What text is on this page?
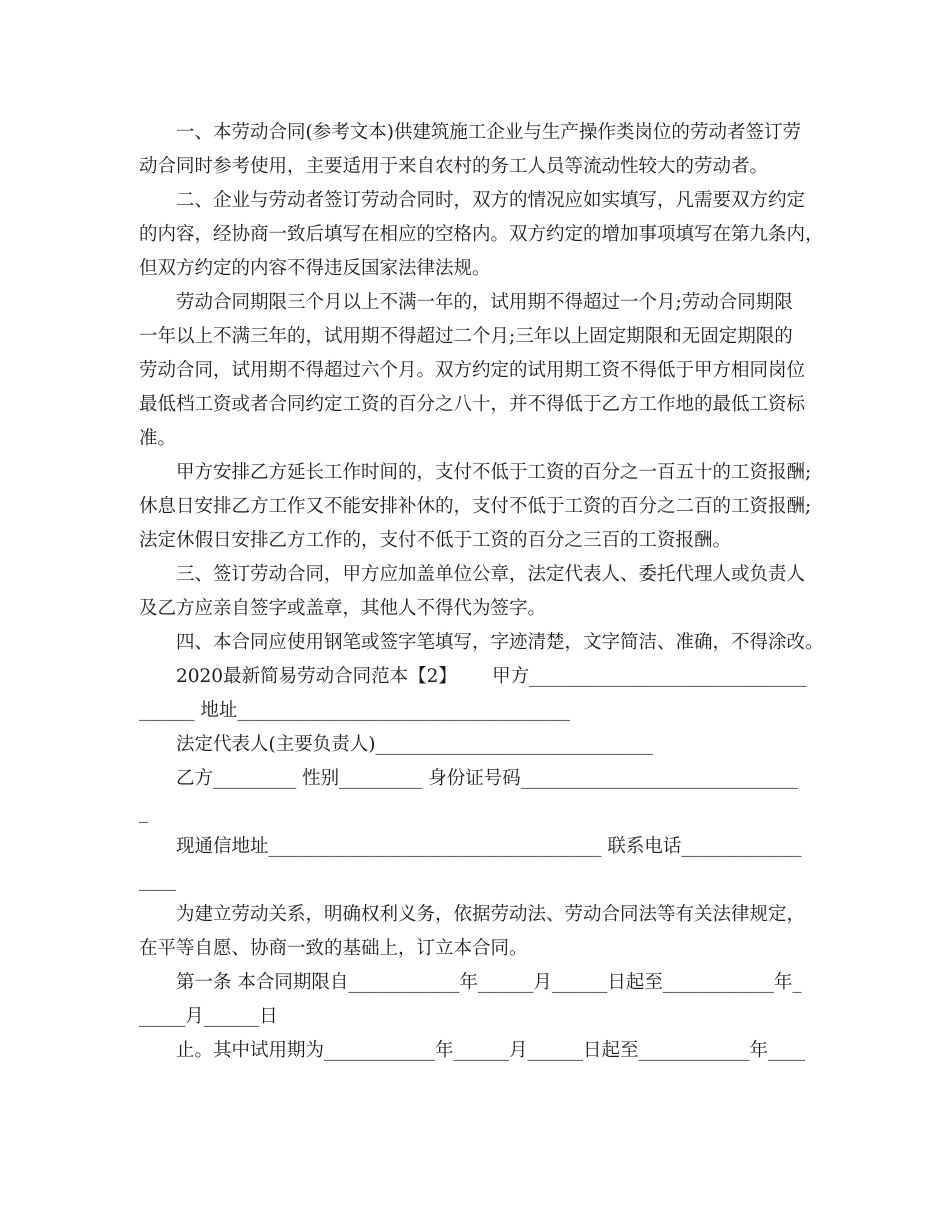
一、本劳动合同(参考文本)供建筑施工企业与生产操作类岗位的劳动者签订劳
动合同时参考使用，主要适用于来自农村的务工人员等流动性较大的劳动者。
二、企业与劳动者签订劳动合同时，双方的情况应如实填写，凡需要双方约定
的内容，经协商一致后填写在相应的空格内。双方约定的增加事项填写在第九条内，
但双方约定的内容不得违反国家法律法规。
劳动合同期限三个月以上不满一年的，试用期不得超过一个月;劳动合同期限
一年以上不满三年的，试用期不得超过二个月;三年以上固定期限和无固定期限的
劳动合同，试用期不得超过六个月。双方约定的试用期工资不得低于甲方相同岗位
最低档工资或者合同约定工资的百分之八十，并不得低于乙方工作地的最低工资标
准。
甲方安排乙方延长工作时间的，支付不低于工资的百分之一百五十的工资报酬;
休息日安排乙方工作又不能安排补休的，支付不低于工资的百分之二百的工资报酬;
法定休假日安排乙方工作的，支付不低于工资的百分之三百的工资报酬。
三、签订劳动合同，甲方应加盖单位公章，法定代表人、委托代理人或负责人
及乙方应亲自签字或盖章，其他人不得代为签字。
四、本合同应使用钢笔或签字笔填写，字迹清楚，文字简洁、准确，不得涂改。
2020最新简易劳动合同范本【2】      甲方______________________________
______ 地址____________________________________
法定代表人(主要负责人)______________________________
乙方_________ 性别_________ 身份证号码______________________________
_
现通信地址____________________________________ 联系电话_____________
____
为建立劳动关系，明确权利义务，依据劳动法、劳动合同法等有关法律规定，
在平等自愿、协商一致的基础上，订立本合同。
第一条 本合同期限自____________年______月______日起至____________年_
_____月______日
止。其中试用期为____________年______月______日起至____________年____
